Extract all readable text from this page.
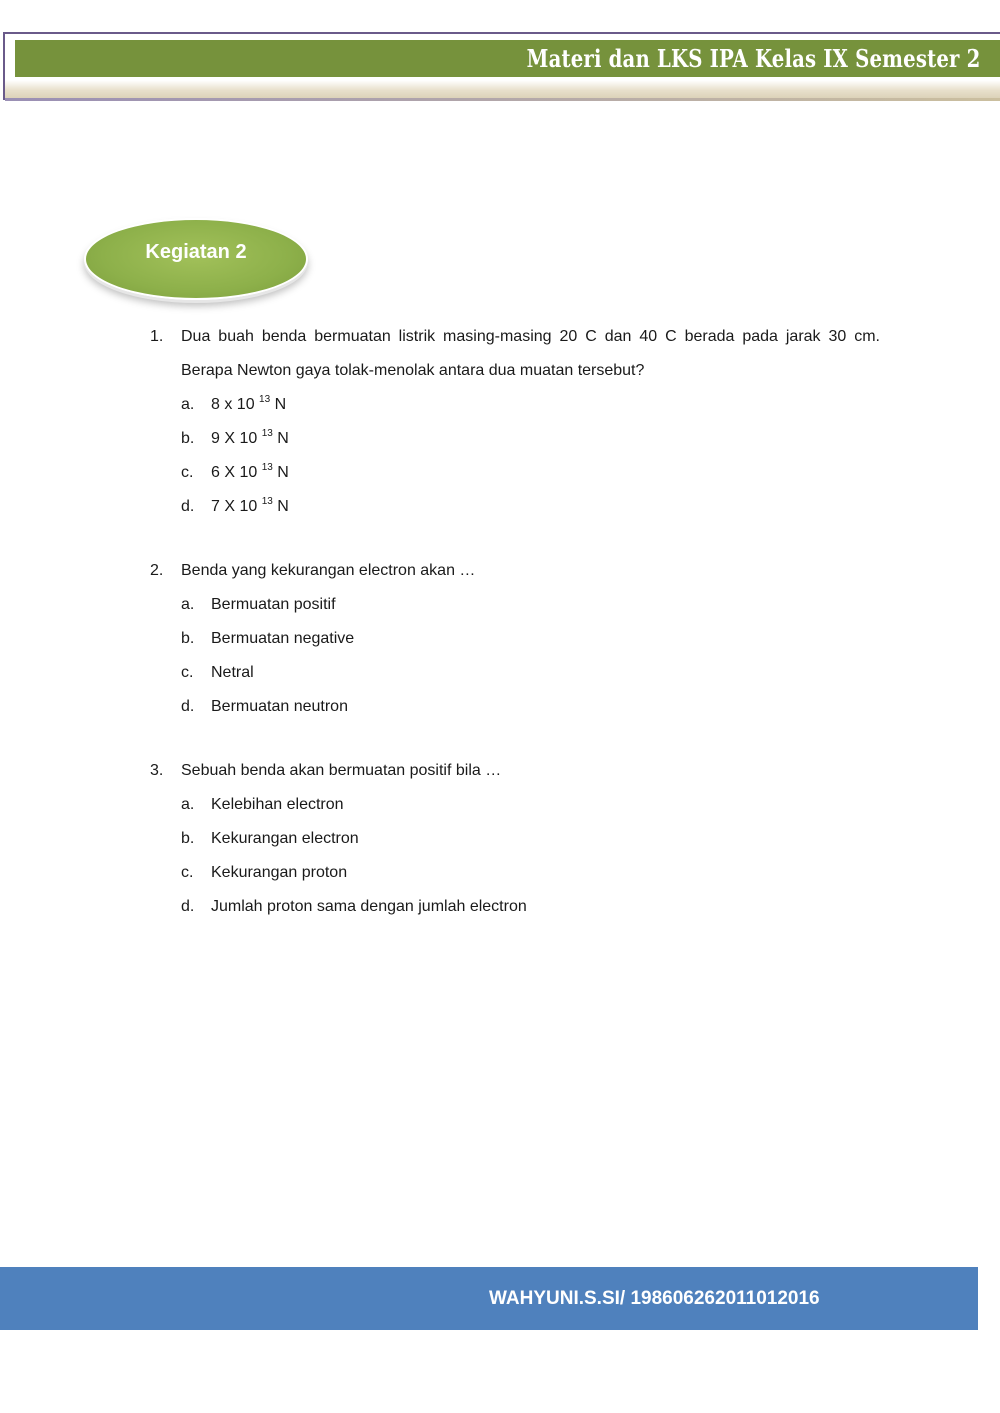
Materi dan LKS IPA Kelas IX Semester 2
Kegiatan 2
1.	Dua buah benda bermuatan listrik masing-masing 20 C dan 40 C berada pada jarak 30 cm.
Berapa Newton gaya tolak-menolak antara dua muatan tersebut?
a.	8 x 10 $^{13}$ N
b.	9 X 10 $^{13}$ N
c.	6 X 10 $^{13}$ N
d.	7 X 10 $^{13}$ N
2.	Benda yang kekurangan electron akan …
a.	Bermuatan positif
b.	Bermuatan negative
c.	Netral
d.	Bermuatan neutron
3.	Sebuah benda akan bermuatan positif bila …
a.	Kelebihan electron
b.	Kekurangan electron
c.	Kekurangan proton
d.	Jumlah proton sama dengan jumlah electron
WAHYUNI.S.SI/ 198606262011012016
